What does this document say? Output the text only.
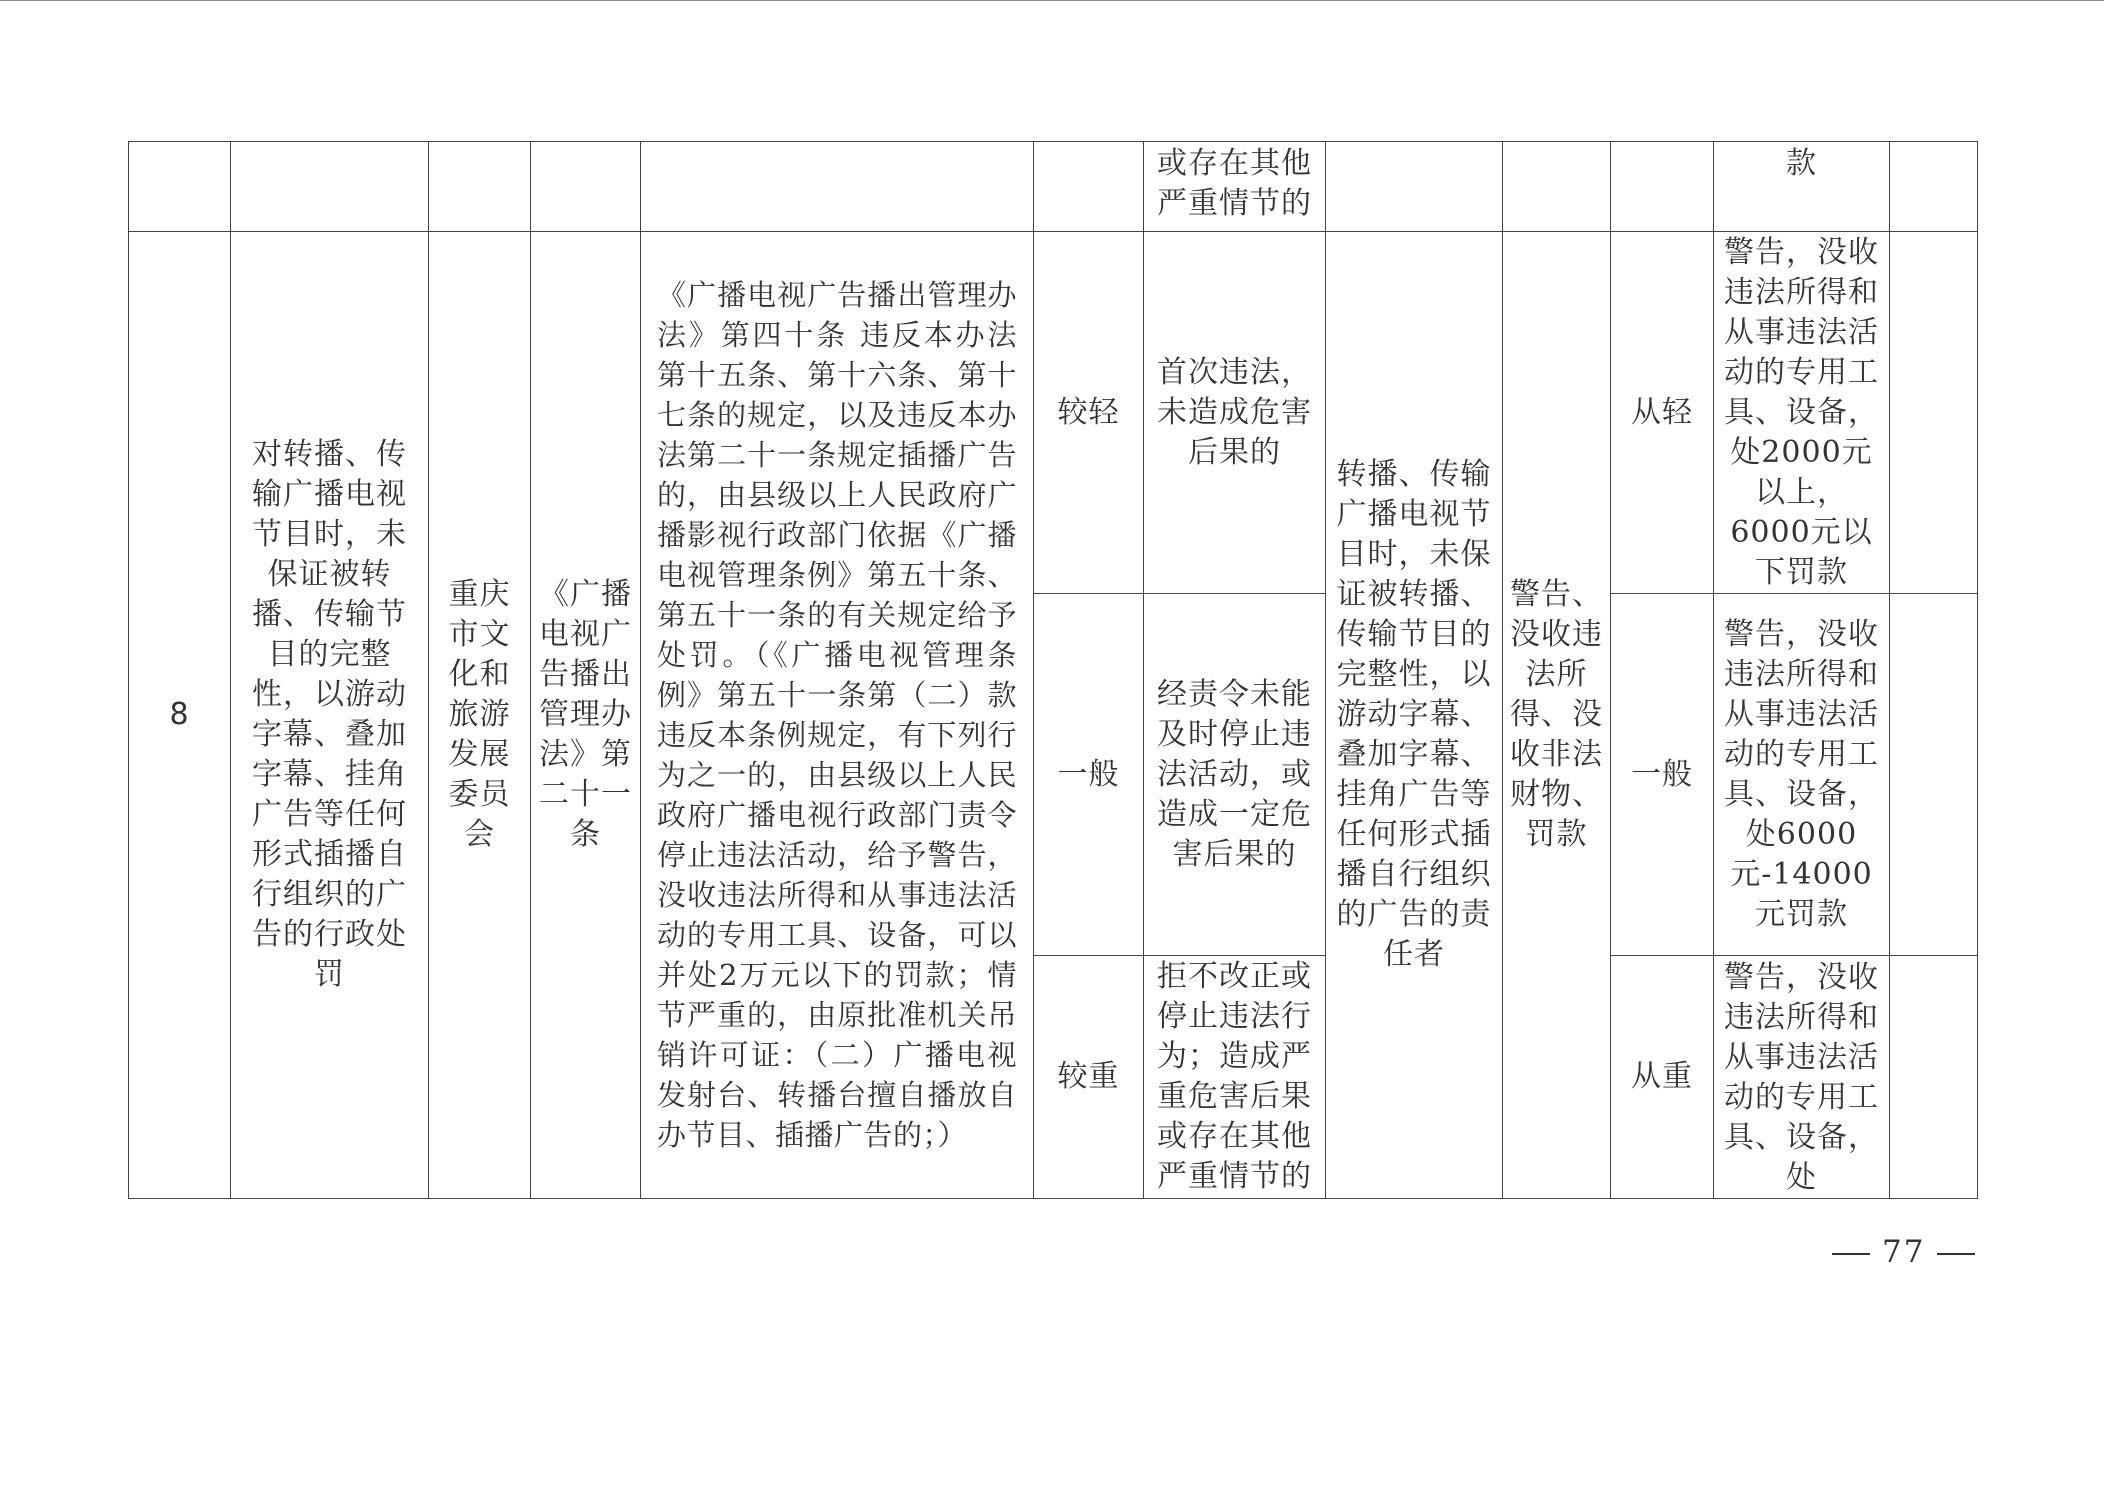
						或存在其他严重情节的				款	
8	对转播、传输广播电视节目时，未保证被转播、传输节目的完整性，以游动字幕、叠加字幕、挂角广告等任何形式插播自行组织的广告的行政处罚	重庆市文化和旅游发展委员会	《广播电视广告播出管理办法》第二十一条	《广播电视广告播出管理办法》第四十条 违反本办法第十五条、第十六条、第十七条的规定，以及违反本办法第二十一条规定插播广告的，由县级以上人民政府广播影视行政部门依据《广播电视管理条例》第五十条、第五十一条的有关规定给予处罚。（《广播电视管理条例》第五十一条第（二）款违反本条例规定，有下列行为之一的，由县级以上人民政府广播电视行政部门责令停止违法活动，给予警告，没收违法所得和从事违法活动的专用工具、设备，可以并处2万元以下的罚款；情节严重的，由原批准机关吊销许可证：（二）广播电视发射台、转播台擅自播放自办节目、插播广告的；）	较轻	首次违法，未造成危害后果的	转播、传输广播电视节目时，未保证被转播、传输节目的完整性，以游动字幕、叠加字幕、挂角广告等任何形式插播自行组织的广告的责任者	警告、没收违法所得、没收非法财物、罚款	从轻	警告，没收违法所得和从事违法活动的专用工具、设备，处2000元以上，6000元以下罚款	
					一般	经责令未能及时停止违法活动，或造成一定危害后果的			一般	警告，没收违法所得和从事违法活动的专用工具、设备，处6000元-14000元罚款	
					较重	拒不改正或停止违法行为；造成严重危害后果或存在其他严重情节的			从重	警告，没收违法所得和从事违法活动的专用工具、设备，处	
77
